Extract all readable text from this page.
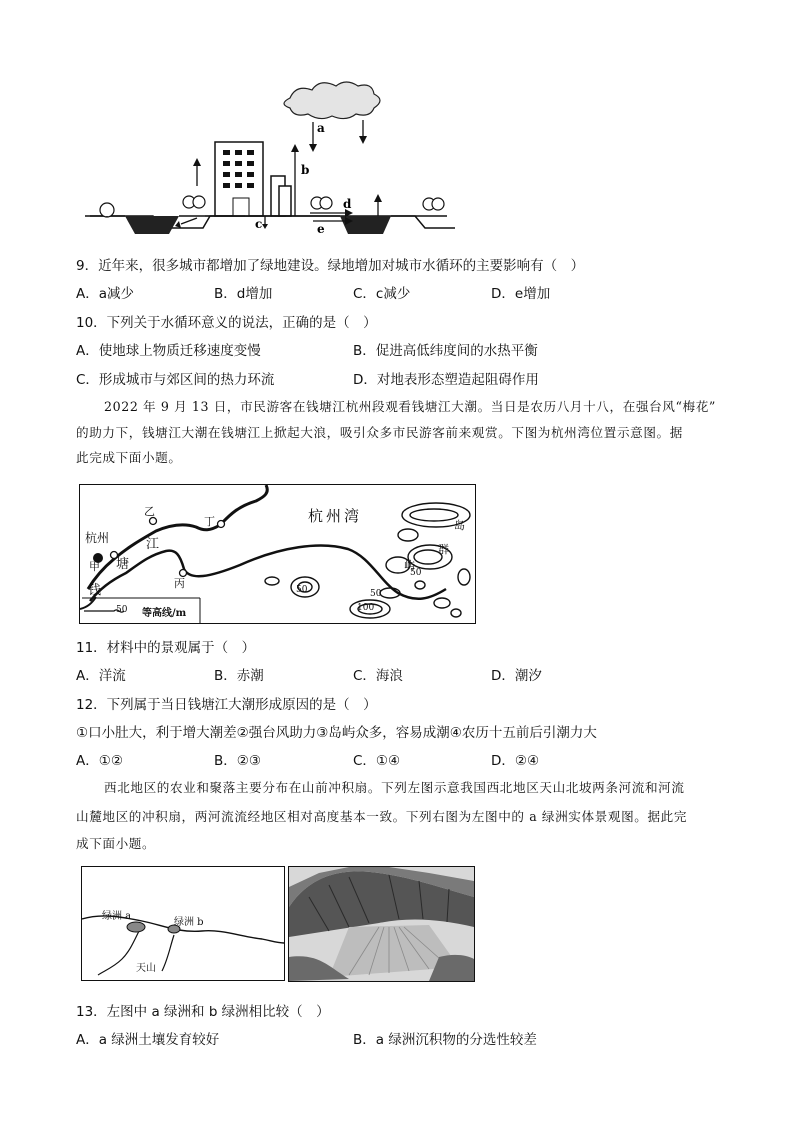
a
b
c
d
e
9．近年来，很多城市都增加了绿地建设。绿地增加对城市水循环的主要影响有（　）
A．a减少	B．d增加	C．c减少	D．e增加
10．下列关于水循环意义的说法，正确的是（　）
A．使地球上物质迁移速度变慢	B．促进高低纬度间的水热平衡
C．形成城市与郊区间的热力环流	D．对地表形态塑造起阻碍作用
2022 年 9 月 13 日，市民游客在钱塘江杭州段观看钱塘江大潮。当日是农历八月十八，在强台风“梅花”
的助力下，钱塘江大潮在钱塘江上掀起大浪，吸引众多市民游客前来观赏。下图为杭州湾位置示意图。据
此完成下面小题。
杭州
乙
丁
丙
甲
钱
塘
江
杭州湾
岛
群
屿
50
50	50
100
50 等高线/m
11．材料中的景观属于（　）
A．洋流	B．赤潮	C．海浪	D．潮汐
12．下列属于当日钱塘江大潮形成原因的是（　）
①口小肚大，利于增大潮差②强台风助力③岛屿众多，容易成潮④农历十五前后引潮力大
A．①②	B．②③	C．①④	D．②④
西北地区的农业和聚落主要分布在山前冲积扇。下列左图示意我国西北地区天山北坡两条河流和河流
山麓地区的冲积扇，两河流流经地区相对高度基本一致。下列右图为左图中的 a 绿洲实体景观图。据此完
成下面小题。
绿洲 a
绿洲 b
天山
13．左图中 a 绿洲和 b 绿洲相比较（　）
A．a 绿洲土壤发育较好	B．a 绿洲沉积物的分选性较差
